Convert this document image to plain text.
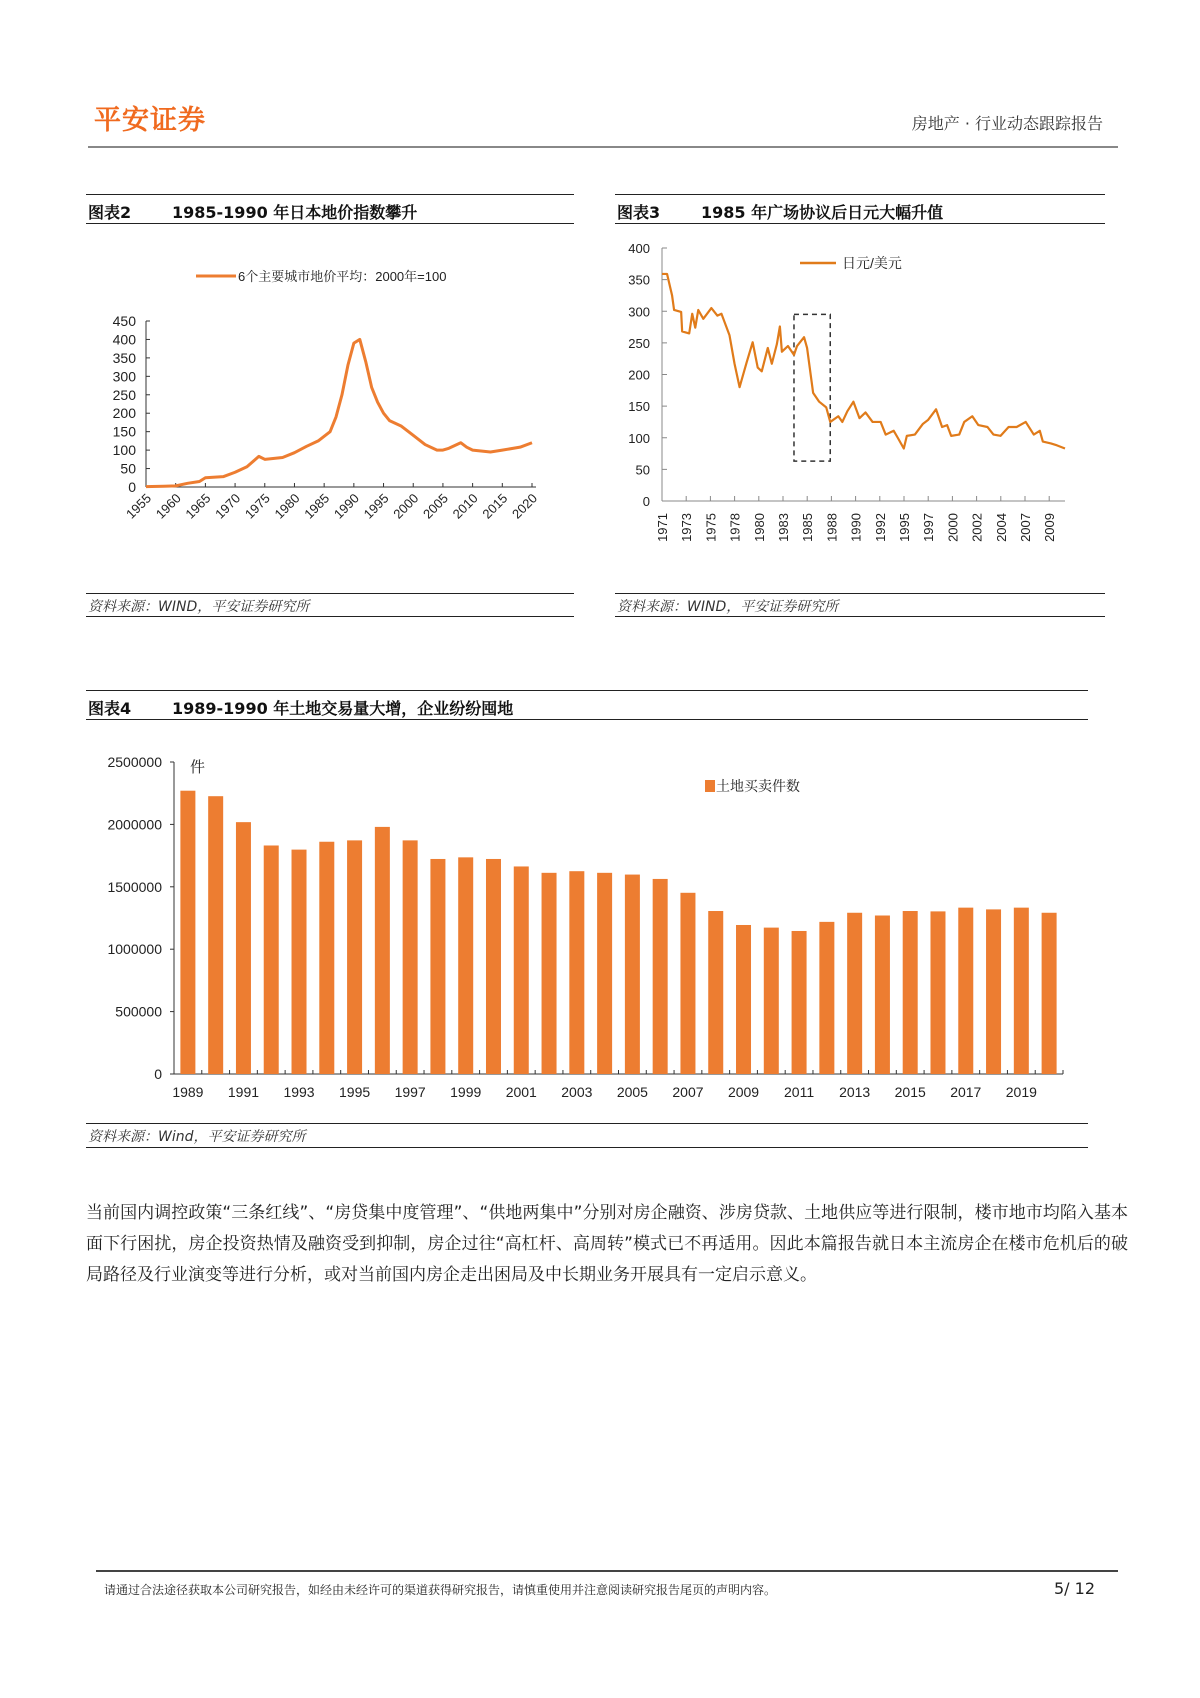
平安证券	房地产 · 行业动态跟踪报告
图表2	1985-1990 年日本地价指数攀升
0
50
100
150
200
250
300
350
400
450
1955
1960
1965
1970
1975
1980
1985
1990
1995
2000
2005
2010
2015
2020
6个主要城市地价平均：2000年=100
资料来源：WIND，平安证券研究所
图表3	1985 年广场协议后日元大幅升值
0
50
100
150
200
250
300
350
400
1971 1973 1975 1978 1980 1983 1985 1988 1990 1992 1995 1997 2000 2002 2004 2007 2009
日元/美元
资料来源：WIND，平安证券研究所
图表4	1989-1990 年土地交易量大增，企业纷纷囤地
0
500000
1000000
1500000
2000000
2500000 件
1989 1991 1993 1995 1997 1999 2001 2003 2005 2007 2009 2011 2013 2015 2017 2019
土地买卖件数
资料来源：Wind，平安证券研究所
当前国内调控政策“三条红线”、“房贷集中度管理”、“供地两集中”分别对房企融资、涉房贷款、土地供应等进行限制，楼市地市均陷入基本面下行困扰，房企投资热情及融资受到抑制，房企过往“高杠杆、高周转”模式已不再适用。因此本篇报告就日本主流房企在楼市危机后的破局路径及行业演变等进行分析，或对当前国内房企走出困局及中长期业务开展具有一定启示意义。
请通过合法途径获取本公司研究报告，如经由未经许可的渠道获得研究报告，请慎重使用并注意阅读研究报告尾页的声明内容。	5/ 12
